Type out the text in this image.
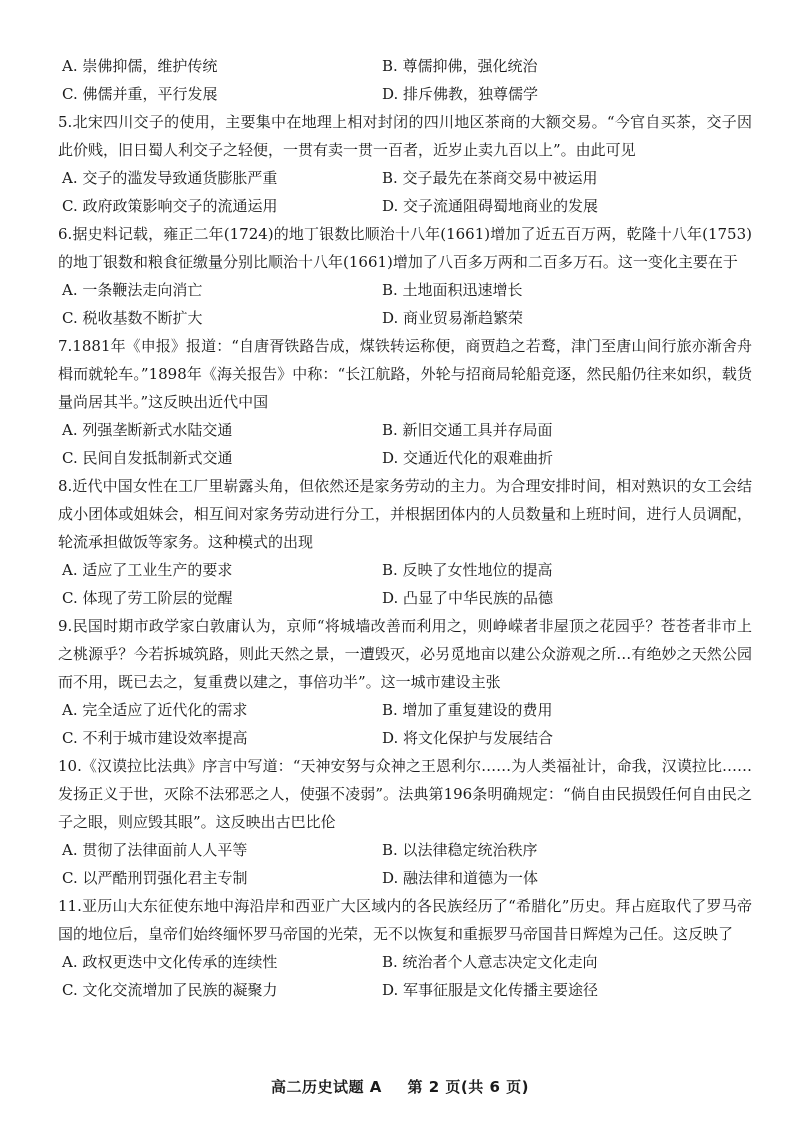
A. 崇佛抑儒，维护传统	B. 尊儒抑佛，强化统治
C. 佛儒并重，平行发展	D. 排斥佛教，独尊儒学
5.北宋四川交子的使用，主要集中在地理上相对封闭的四川地区茶商的大额交易。“今官自买茶，交子因此价贱，旧日蜀人利交子之轻便，一贯有卖一贯一百者，近岁止卖九百以上”。由此可见
A. 交子的滥发导致通货膨胀严重	B. 交子最先在茶商交易中被运用
C. 政府政策影响交子的流通运用	D. 交子流通阻碍蜀地商业的发展
6.据史料记载，雍正二年(1724)的地丁银数比顺治十八年(1661)增加了近五百万两，乾隆十八年(1753)的地丁银数和粮食征缴量分别比顺治十八年(1661)增加了八百多万两和二百多万石。这一变化主要在于
A. 一条鞭法走向消亡	B. 土地面积迅速增长
C. 税收基数不断扩大	D. 商业贸易渐趋繁荣
7.1881年《申报》报道：“自唐胥铁路告成，煤铁转运称便，商贾趋之若鹜，津门至唐山间行旅亦渐舍舟楫而就轮车。”1898年《海关报告》中称：“长江航路，外轮与招商局轮船竞逐，然民船仍往来如织，载货量尚居其半。”这反映出近代中国
A. 列强垄断新式水陆交通	B. 新旧交通工具并存局面
C. 民间自发抵制新式交通	D. 交通近代化的艰难曲折
8.近代中国女性在工厂里崭露头角，但依然还是家务劳动的主力。为合理安排时间，相对熟识的女工会结成小团体或姐妹会，相互间对家务劳动进行分工，并根据团体内的人员数量和上班时间，进行人员调配，轮流承担做饭等家务。这种模式的出现
A. 适应了工业生产的要求	B. 反映了女性地位的提高
C. 体现了劳工阶层的觉醒	D. 凸显了中华民族的品德
9.民国时期市政学家白敦庸认为，京师“将城墙改善而利用之，则峥嵘者非屋顶之花园乎？苍苍者非市上之桃源乎？今若拆城筑路，则此天然之景，一遭毁灭，必另觅地亩以建公众游观之所…有绝妙之天然公园而不用，既已去之，复重费以建之，事倍功半”。这一城市建设主张
A. 完全适应了近代化的需求	B. 增加了重复建设的费用
C. 不利于城市建设效率提高	D. 将文化保护与发展结合
10.《汉谟拉比法典》序言中写道：“天神安努与众神之王恩利尔……为人类福祉计，命我，汉谟拉比……发扬正义于世，灭除不法邪恶之人，使强不凌弱”。法典第196条明确规定：“倘自由民损毁任何自由民之子之眼，则应毁其眼”。这反映出古巴比伦
A. 贯彻了法律面前人人平等	B. 以法律稳定统治秩序
C. 以严酷刑罚强化君主专制	D. 融法律和道德为一体
11.亚历山大东征使东地中海沿岸和西亚广大区域内的各民族经历了“希腊化”历史。拜占庭取代了罗马帝国的地位后，皇帝们始终缅怀罗马帝国的光荣，无不以恢复和重振罗马帝国昔日辉煌为己任。这反映了
A. 政权更迭中文化传承的连续性	B. 统治者个人意志决定文化走向
C. 文化交流增加了民族的凝聚力	D. 军事征服是文化传播主要途径
高二历史试题 A 第 2 页(共 6 页)
